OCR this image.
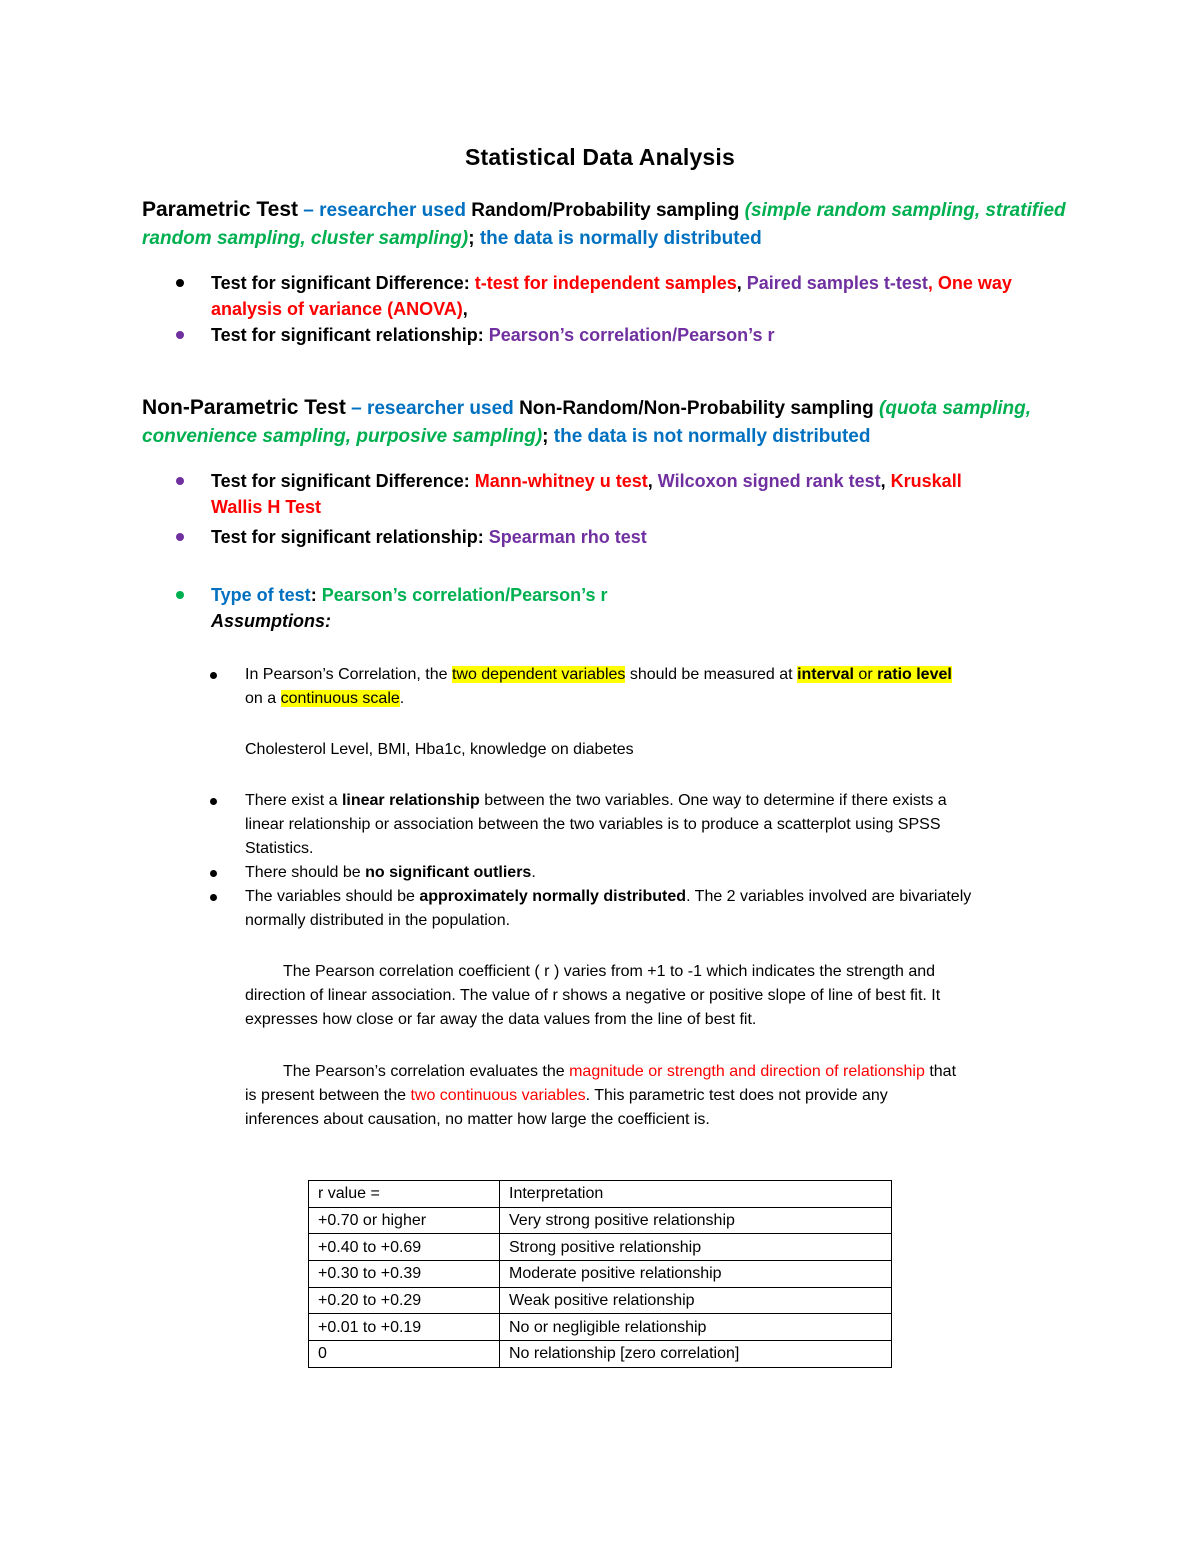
Statistical Data Analysis
Parametric Test – researcher used Random/Probability sampling (simple random sampling, stratified
random sampling, cluster sampling); the data is normally distributed
Test for significant Difference: t-test for independent samples, Paired samples t-test, One way
analysis of variance (ANOVA),
Test for significant relationship: Pearson’s correlation/Pearson’s r
Non-Parametric Test – researcher used Non-Random/Non-Probability sampling (quota sampling,
convenience sampling, purposive sampling); the data is not normally distributed
Test for significant Difference: Mann-whitney u test, Wilcoxon signed rank test, Kruskall
Wallis H Test
Test for significant relationship: Spearman rho test
Type of test: Pearson’s correlation/Pearson’s r
Assumptions:
In Pearson’s Correlation, the two dependent variables should be measured at interval or ratio level
on a continuous scale.
Cholesterol Level, BMI, Hba1c, knowledge on diabetes
There exist a linear relationship between the two variables. One way to determine if there exists a
linear relationship or association between the two variables is to produce a scatterplot using SPSS
Statistics.
There should be no significant outliers.
The variables should be approximately normally distributed. The 2 variables involved are bivariately
normally distributed in the population.
The Pearson correlation coefficient ( r ) varies from +1 to -1 which indicates the strength and
direction of linear association. The value of r shows a negative or positive slope of line of best fit. It
expresses how close or far away the data values from the line of best fit.
The Pearson’s correlation evaluates the magnitude or strength and direction of relationship that
is present between the two continuous variables. This parametric test does not provide any
inferences about causation, no matter how large the coefficient is.
r value =	Interpretation
+0.70 or higher	Very strong positive relationship
+0.40 to +0.69	Strong positive relationship
+0.30 to +0.39	Moderate positive relationship
+0.20 to +0.29	Weak positive relationship
+0.01 to +0.19	No or negligible relationship
0	No relationship [zero correlation]
